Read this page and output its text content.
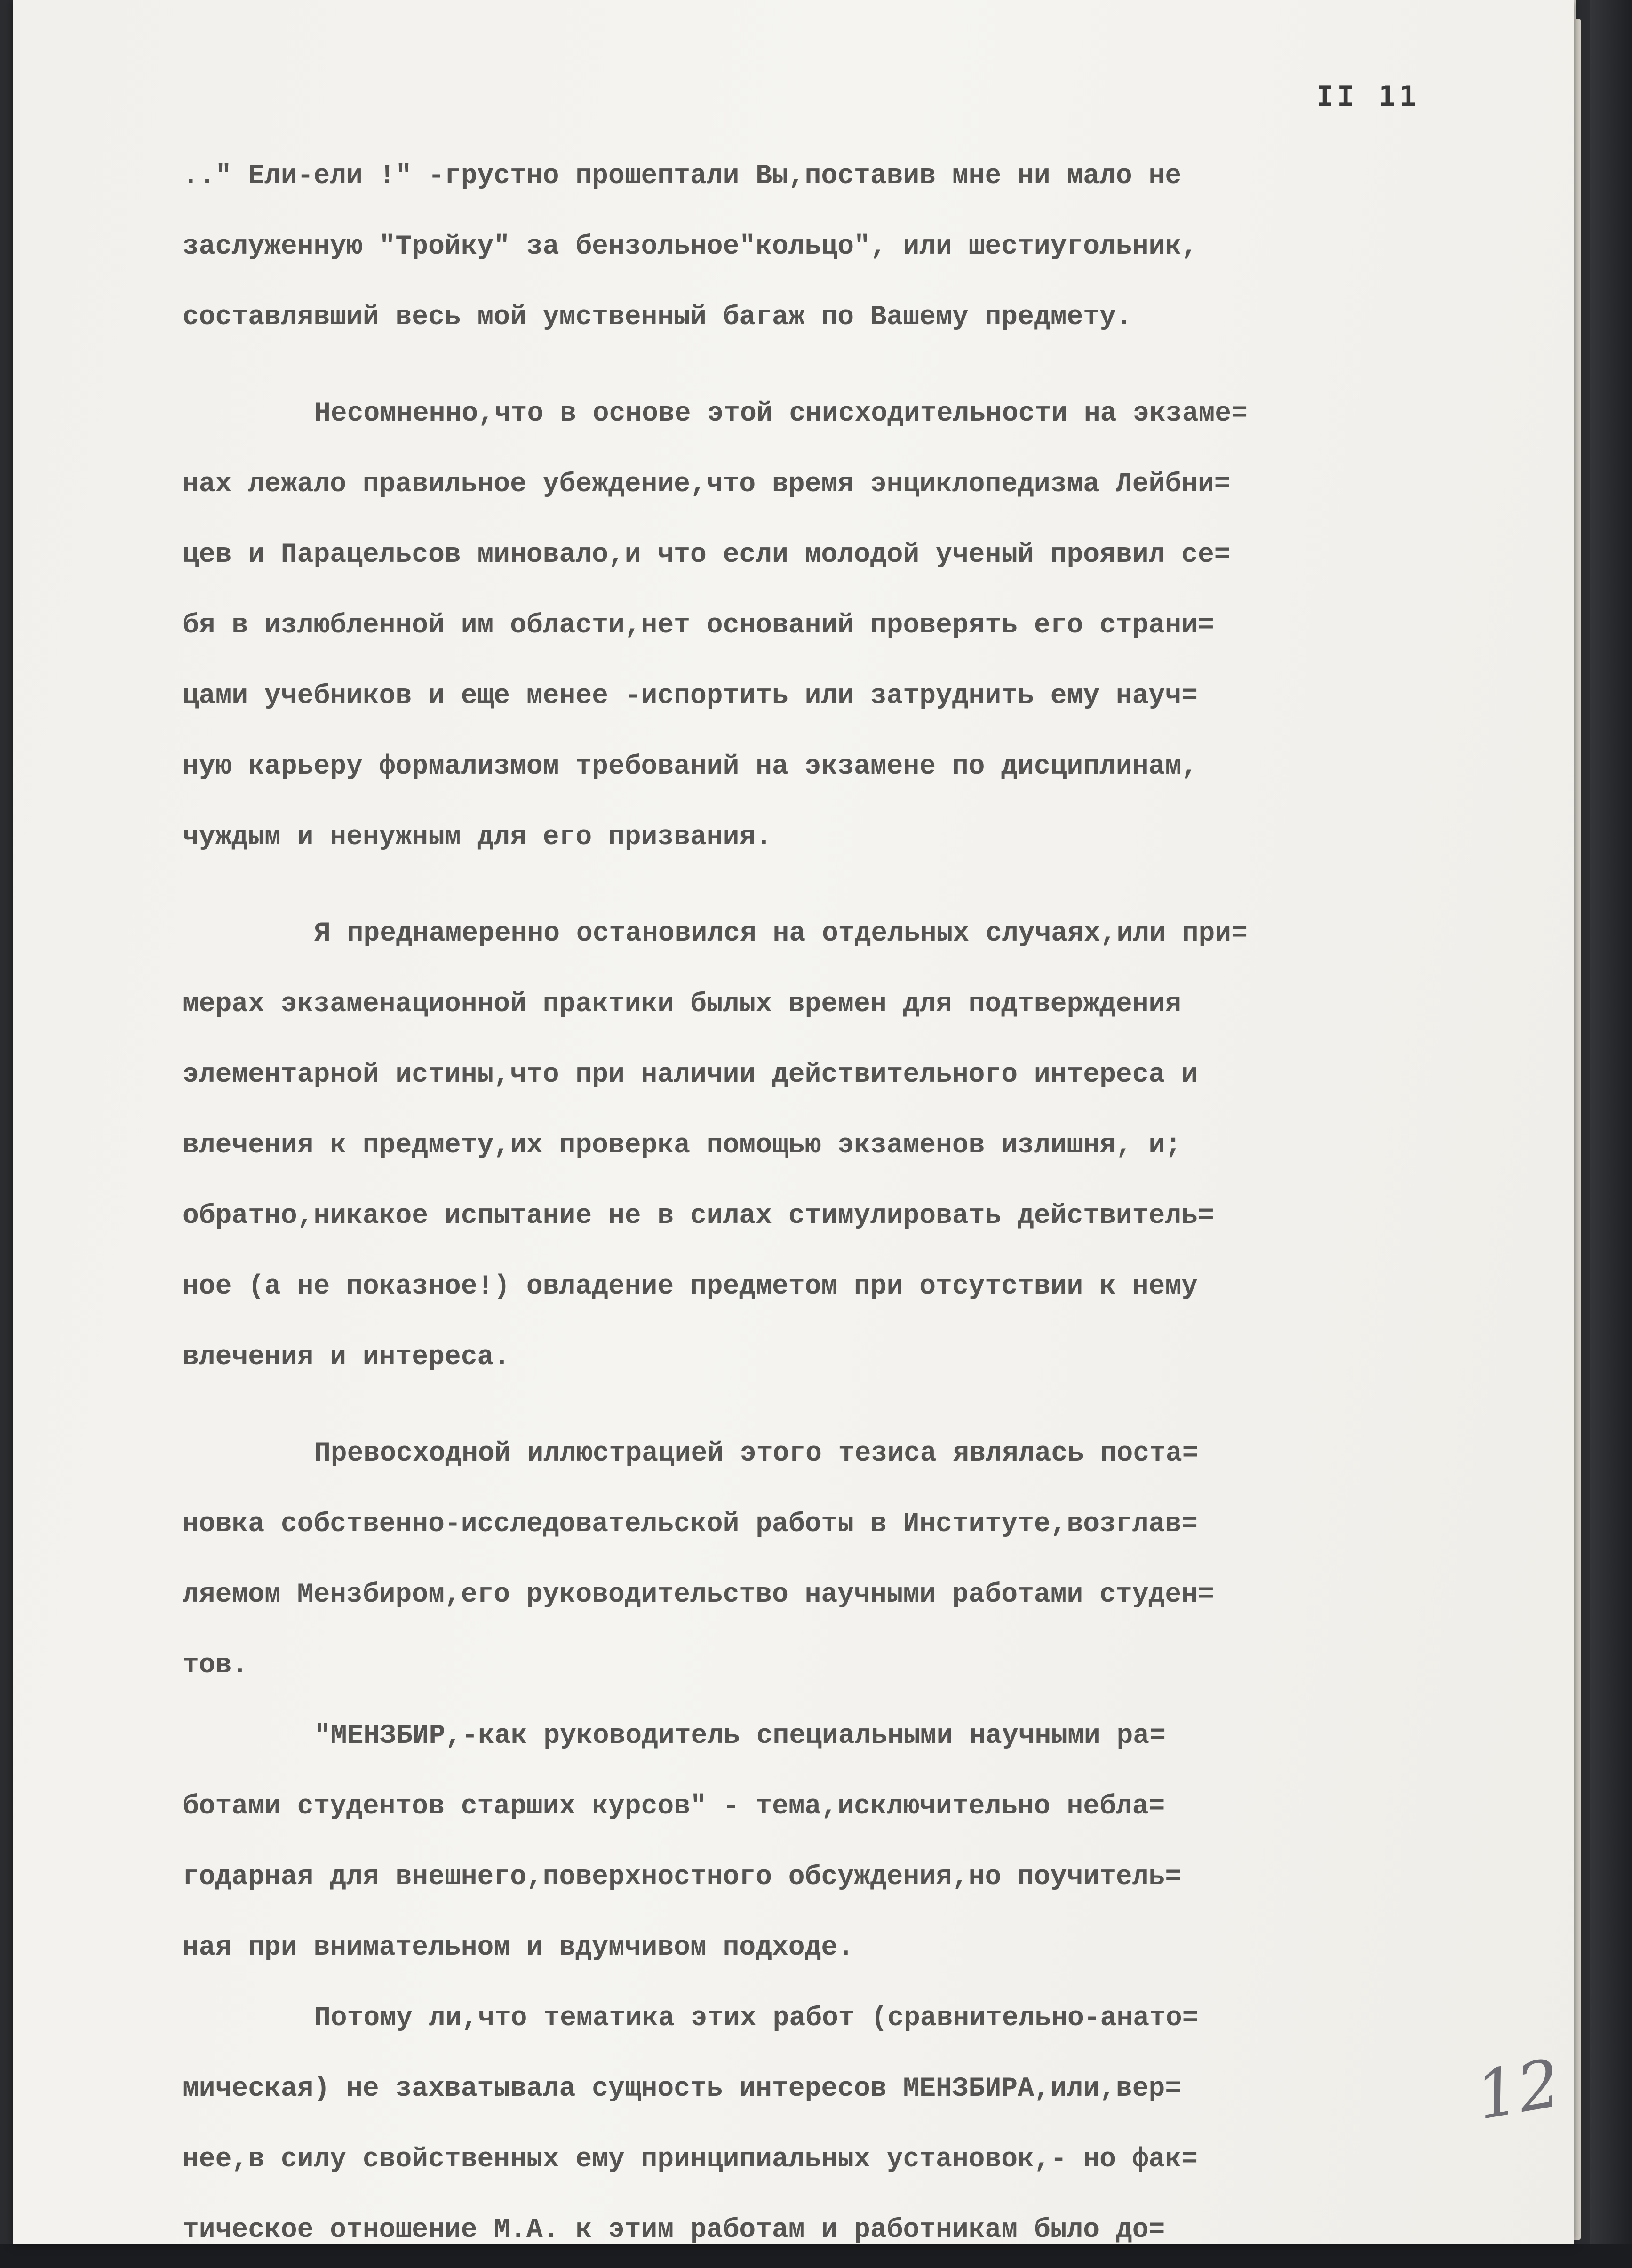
II 11

.." Ели-ели !" -грустно прошептали Вы,поставив мне ни мало не
заслуженную "Тройку" за бензольное"кольцо", или шестиугольник,
составлявший весь мой умственный багаж по Вашему предмету.

Несомненно,что в основе этой снисходительности на экзаме=
нах лежало правильное убеждение,что время энциклопедизма Лейбни=
цев и Парацельсов миновало,и что если молодой ученый проявил се=
бя в излюбленной им области,нет оснований проверять его страни=
цами учебников и еще менее -испортить или затруднить ему науч=
ную карьеру формализмом требований на экзамене по дисциплинам,
чуждым и ненужным для его призвания.

Я преднамеренно остановился на отдельных случаях,или при=
мерах экзаменационной практики былых времен для подтверждения
элементарной истины,что при наличии действительного интереса и
влечения к предмету,их проверка помощью экзаменов излишня, и;
обратно,никакое испытание не в силах стимулировать действитель=
ное (а не показное!) овладение предметом при отсутствии к нему
влечения и интереса.

Превосходной иллюстрацией этого тезиса являлась поста=
новка собственно-исследовательской работы в Институте,возглав=
ляемом Мензбиром,его руководительство научными работами студен=
тов.

"МЕНЗБИР,-как руководитель специальными научными ра=
ботами студентов старших курсов" - тема,исключительно небла=
годарная для внешнего,поверхностного обсуждения,но поучитель=
ная при внимательном и вдумчивом подходе.

Потому ли,что тематика этих работ (сравнительно-анато=
мическая) не захватывала сущность интересов МЕНЗБИРА,или,вер=
нее,в силу свойственных ему принципиальных установок,- но фак=
тическое отношение М.А. к этим работам и работникам было до=

12
